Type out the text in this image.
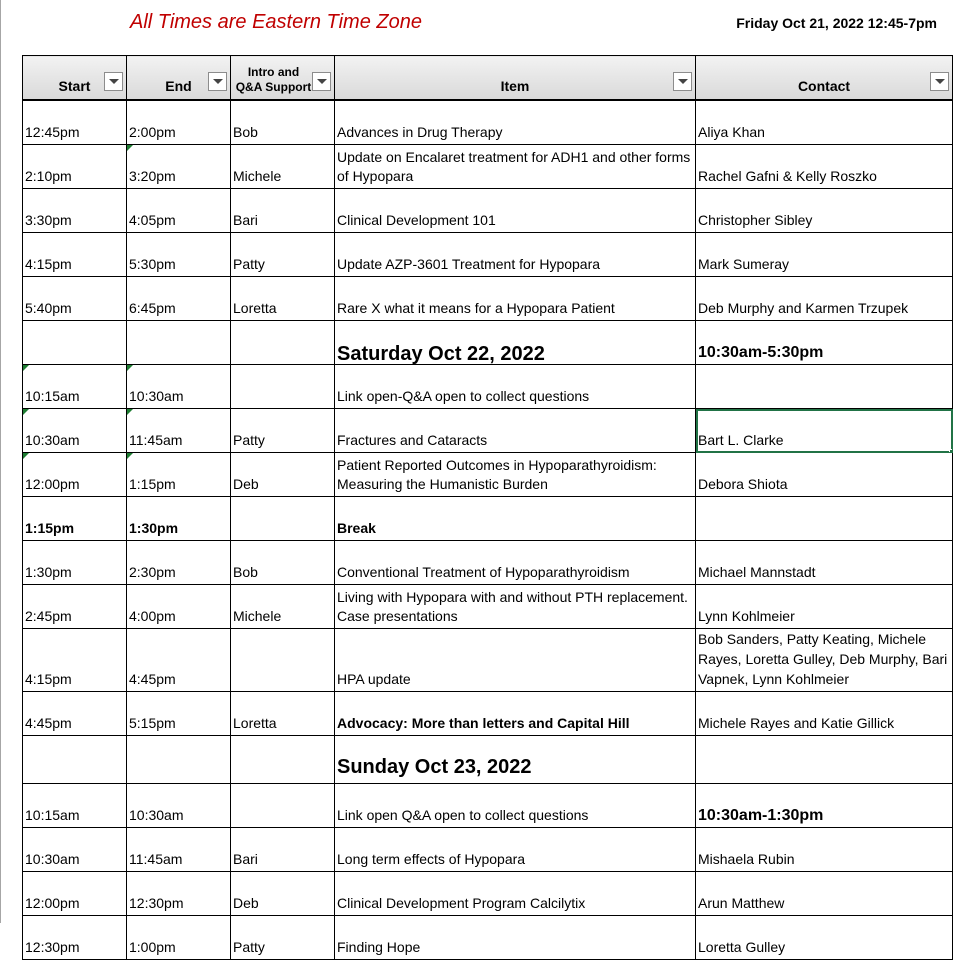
All Times are Eastern Time Zone	Friday Oct 21, 2022 12:45-7pm
Start	End	Intro and Q&A Support	Item	Contact

12:45pm	2:00pm	Bob	Advances in Drug Therapy	Aliya Khan
2:10pm	3:20pm	Michele	Update on Encalaret treatment for ADH1 and other forms of Hypopara	Rachel Gafni & Kelly Roszko
3:30pm	4:05pm	Bari	Clinical Development 101	Christopher Sibley
4:15pm	5:30pm	Patty	Update AZP-3601 Treatment for Hypopara	Mark Sumeray
5:40pm	6:45pm	Loretta	Rare X what it means for a Hypopara Patient	Deb Murphy and Karmen Trzupek
			Saturday Oct 22, 2022	10:30am-5:30pm
10:15am	10:30am		Link open-Q&A open to collect questions	
10:30am	11:45am	Patty	Fractures and Cataracts	Bart L. Clarke

12:00pm	1:15pm	Deb	Patient Reported Outcomes in Hypoparathyroidism: Measuring the Humanistic Burden	Debora Shiota
1:15pm	1:30pm		Break	
1:30pm	2:30pm	Bob	Conventional Treatment of Hypoparathyroidism	Michael Mannstadt
2:45pm	4:00pm	Michele	Living with Hypopara with and without PTH replacement. Case presentations	Lynn Kohlmeier
4:15pm	4:45pm		HPA update	Bob Sanders, Patty Keating, Michele Rayes, Loretta Gulley, Deb Murphy, Bari Vapnek, Lynn Kohlmeier
4:45pm	5:15pm	Loretta	Advocacy: More than letters and Capital Hill	Michele Rayes and Katie Gillick
			Sunday Oct 23, 2022	
10:15am	10:30am		Link open Q&A open to collect questions	10:30am-1:30pm
10:30am	11:45am	Bari	Long term effects of Hypopara	Mishaela Rubin
12:00pm	12:30pm	Deb	Clinical Development Program Calcilytix	Arun Matthew
12:30pm	1:00pm	Patty	Finding Hope	Loretta Gulley
